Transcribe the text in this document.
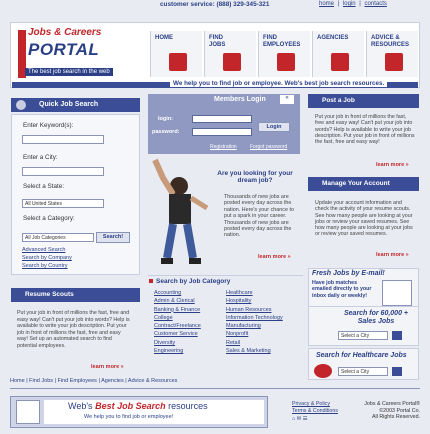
customer service: (888) 329-345-321	home | login | contacts
Jobs & Careers
PORTAL
The best job search in the web
HOME	FIND
JOBS
FIND
EMPLOYEES
AGENCIES	ADVICE &
RESOURCES
We help you to find job or employee. Web's best job search resources.
Quick Job Search
Enter Keyword(s):
Enter a City:
Select a State:
All United States
Select a Category:
All Job Categories	Search!
Advanced Search
Search by Company
Search by Country
Resume Scouts
Put your job in front of millions the fast, free and easy way! Can't put your job into words? Help is available to write your job description. Put your job in front of millions the fast, free and easy way! Set up an automated search to find potential employees.
learn more »
Members Login	«
login:
password:
Login
Registration	Forgot password
Are you looking for your dream job?
Thousands of new jobs are posted every day across the nation. Here's your chance to put a spark in your career. Thousands of new jobs are posted every day across the nation.
learn more »
Search by Job Category
Accounting
Admin & Clerical
Banking & Finance
College
Contract/Freelance
Customer Service
Diversity
Engineering
Healthcare
Hospitality
Human Resources
Information Technology
Manufacturing
Nonprofit
Retail
Sales & Marketing
Post a Job
Put your job in front of millions the fast, free and easy way! Can't put your job into words? Help is available to write your job description. Put your job in front of millions the fast, free and easy way!
learn more »
Manage Your Account
Update your account information and check the activity of your resume scouts. See how many people are looking at your jobs or review your saved resumes. See how many people are looking at your jobs or review your saved resumes.
learn more »
Fresh Jobs by E-mail!
Have job matches emailed directly to your inbox daily or weekly!
Search for 60,000 + Sales Jobs
Select a City
Search for Healthcare Jobs
Select a City
Home | Find Jobs | Find Employees | Agencies | Advice & Resources
Web's Best Job Search resources
We help you to find job or employee!
Privacy & Policy
Terms & Conditions
⌂ ✉ ☰
Jobs & Careers Portal®
©2003 Portal Co.
All Rights Reserved.
